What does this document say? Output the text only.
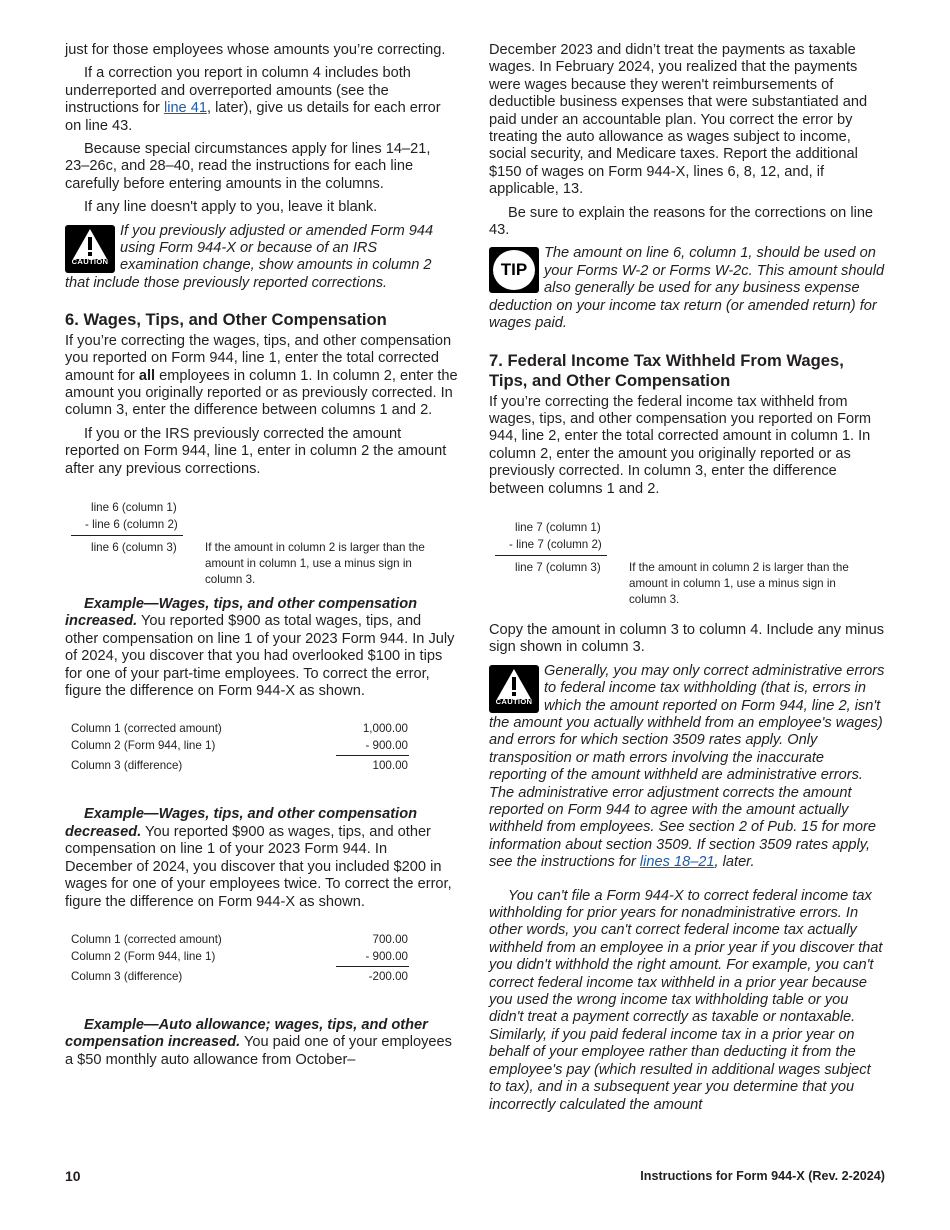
just for those employees whose amounts you’re correcting.

If a correction you report in column 4 includes both underreported and overreported amounts (see the instructions for line 41, later), give us details for each error on line 43.

Because special circumstances apply for lines 14–21, 23–26c, and 28–40, read the instructions for each line carefully before entering amounts in the columns.

If any line doesn't apply to you, leave it blank.

CAUTION
If you previously adjusted or amended Form 944 using Form 944-X or because of an IRS examination change, show amounts in column 2 that include those previously reported corrections.
6. Wages, Tips, and Other Compensation

If you’re correcting the wages, tips, and other compensation you reported on Form 944, line 1, enter the total corrected amount for all employees in column 1. In column 2, enter the amount you originally reported or as previously corrected. In column 3, enter the difference between columns 1 and 2.

If you or the IRS previously corrected the amount reported on Form 944, line 1, enter in column 2 the amount after any previous corrections.

line 6 (column 1)
- line 6 (column 2)
line 6 (column 3) If the amount in column 2 is larger than the amount in column 1, use a minus sign in column 3.

Example—Wages, tips, and other compensation increased. You reported $900 as total wages, tips, and other compensation on line 1 of your 2023 Form 944. In July of 2024, you discover that you had overlooked $100 in tips for one of your part-time employees. To correct the error, figure the difference on Form 944-X as shown.

Column 1 (corrected amount)	1,000.00
Column 2 (Form 944, line 1)	- 900.00
Column 3 (difference)	100.00

Example—Wages, tips, and other compensation decreased. You reported $900 as wages, tips, and other compensation on line 1 of your 2023 Form 944. In December of 2024, you discover that you included $200 in wages for one of your employees twice. To correct the error, figure the difference on Form 944-X as shown.

Column 1 (corrected amount)	700.00
Column 2 (Form 944, line 1)	- 900.00
Column 3 (difference)	-200.00

Example—Auto allowance; wages, tips, and other compensation increased. You paid one of your employees a $50 monthly auto allowance from October–

December 2023 and didn’t treat the payments as taxable wages. In February 2024, you realized that the payments were wages because they weren't reimbursements of deductible business expenses that were substantiated and paid under an accountable plan. You correct the error by treating the auto allowance as wages subject to income, social security, and Medicare taxes. Report the additional $150 of wages on Form 944-X, lines 6, 8, 12, and, if applicable, 13.

Be sure to explain the reasons for the corrections on line 43.

TIP
The amount on line 6, column 1, should be used on your Forms W-2 or Forms W-2c. This amount should also generally be used for any business expense deduction on your income tax return (or amended return) for wages paid.
7. Federal Income Tax Withheld From Wages, Tips, and Other Compensation

If you’re correcting the federal income tax withheld from wages, tips, and other compensation you reported on Form 944, line 2, enter the total corrected amount in column 1. In column 2, enter the amount you originally reported or as previously corrected. In column 3, enter the difference between columns 1 and 2.

line 7 (column 1)
- line 7 (column 2)
line 7 (column 3) If the amount in column 2 is larger than the amount in column 1, use a minus sign in column 3.

Copy the amount in column 3 to column 4. Include any minus sign shown in column 3.

CAUTION
Generally, you may only correct administrative errors to federal income tax withholding (that is, errors in which the amount reported on Form 944, line 2, isn't the amount you actually withheld from an employee's wages) and errors for which section 3509 rates apply. Only transposition or math errors involving the inaccurate reporting of the amount withheld are administrative errors. The administrative error adjustment corrects the amount reported on Form 944 to agree with the amount actually withheld from employees. See section 2 of Pub. 15 for more information about section 3509. If section 3509 rates apply, see the instructions for lines 18–21, later.

You can't file a Form 944-X to correct federal income tax withholding for prior years for nonadministrative errors. In other words, you can't correct federal income tax actually withheld from an employee in a prior year if you discover that you didn't withhold the right amount. For example, you can't correct federal income tax withheld in a prior year because you used the wrong income tax withholding table or you didn't treat a payment correctly as taxable or nontaxable. Similarly, if you paid federal income tax in a prior year on behalf of your employee rather than deducting it from the employee's pay (which resulted in additional wages subject to tax), and in a subsequent year you determine that you incorrectly calculated the amount

10	Instructions for Form 944-X (Rev. 2-2024)
